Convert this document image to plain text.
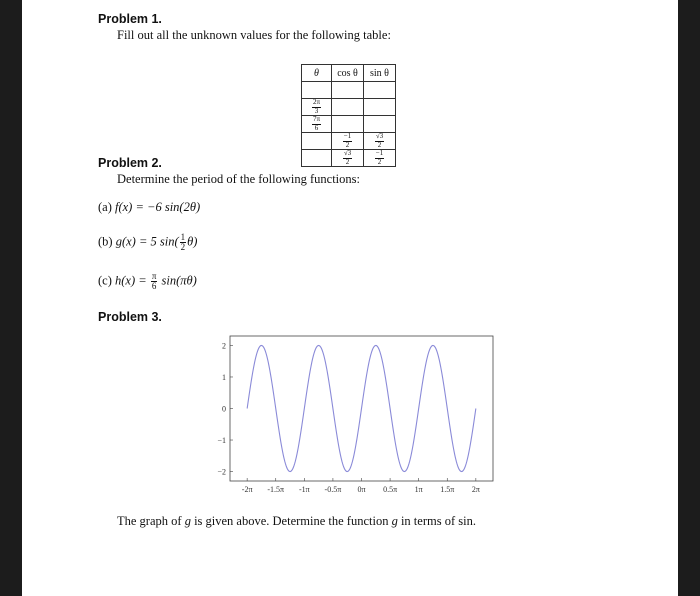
Problem 1.
Fill out all the unknown values for the following table:
θ	cos θ	sin θ

$\frac{2\pi}{3}$

$\frac{7\pi}{6}$

	$\frac{-1}{2}$	$\frac{√3}{2}$

	$\frac{√3}{2}$	$\frac{-1}{2}$
Problem 2.
Determine the period of the following functions:
(a) f(x) = −6 sin(2θ)
(b) g(x) = 5 $\sin( \frac{1}{2} \theta)$
(c) $h(x) = \frac{\pi}{6} \sin(\pi\theta)$
Problem 3.
−2
−1
0
1
2
-2π -1.5π -1π -0.5π 0π 0.5π 1π 1.5π 2π
The graph of g is given above. Determine the function g in terms of sin.
